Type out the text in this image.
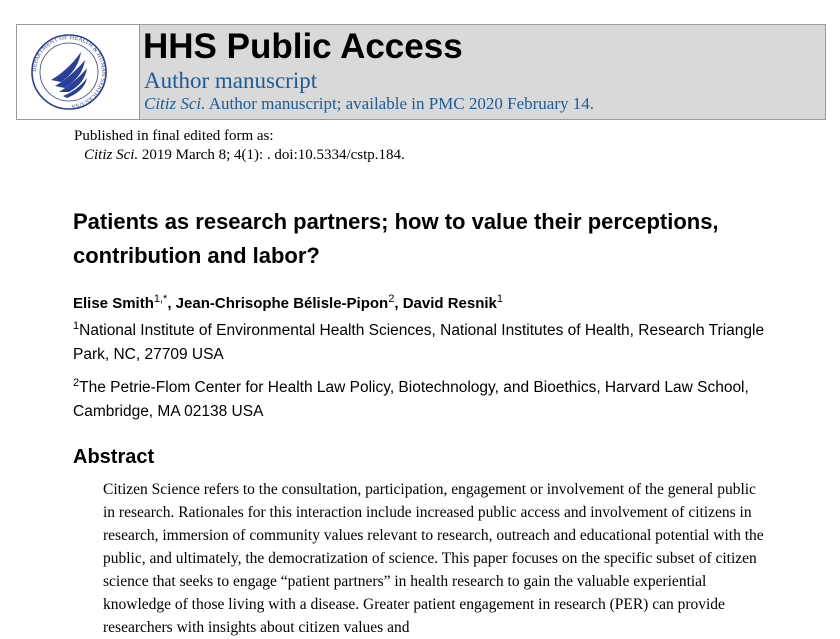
DEPARTMENT OF HEALTH & HUMAN SERVICES·USA
HHS Public Access
Author manuscript
Citiz Sci. Author manuscript; available in PMC 2020 February 14.
Published in final edited form as:
Citiz Sci. 2019 March 8; 4(1): . doi:10.5334/cstp.184.
Patients as research partners; how to value their perceptions, contribution and labor?
Elise Smith$^{1,*}$, Jean-Chrisophe Bélisle-Pipon$^2$, David Resnik$^1$
$^1$National Institute of Environmental Health Sciences, National Institutes of Health, Research Triangle Park, NC, 27709 USA
$^2$The Petrie-Flom Center for Health Law Policy, Biotechnology, and Bioethics, Harvard Law School, Cambridge, MA 02138 USA
Abstract
Citizen Science refers to the consultation, participation, engagement or involvement of the general public in research. Rationales for this interaction include increased public access and involvement of citizens in research, immersion of community values relevant to research, outreach and educational potential with the public, and ultimately, the democratization of science. This paper focuses on the specific subset of citizen science that seeks to engage “patient partners” in health research to gain the valuable experiential knowledge of those living with a disease. Greater patient engagement in research (PER) can provide researchers with insights about citizen values and
